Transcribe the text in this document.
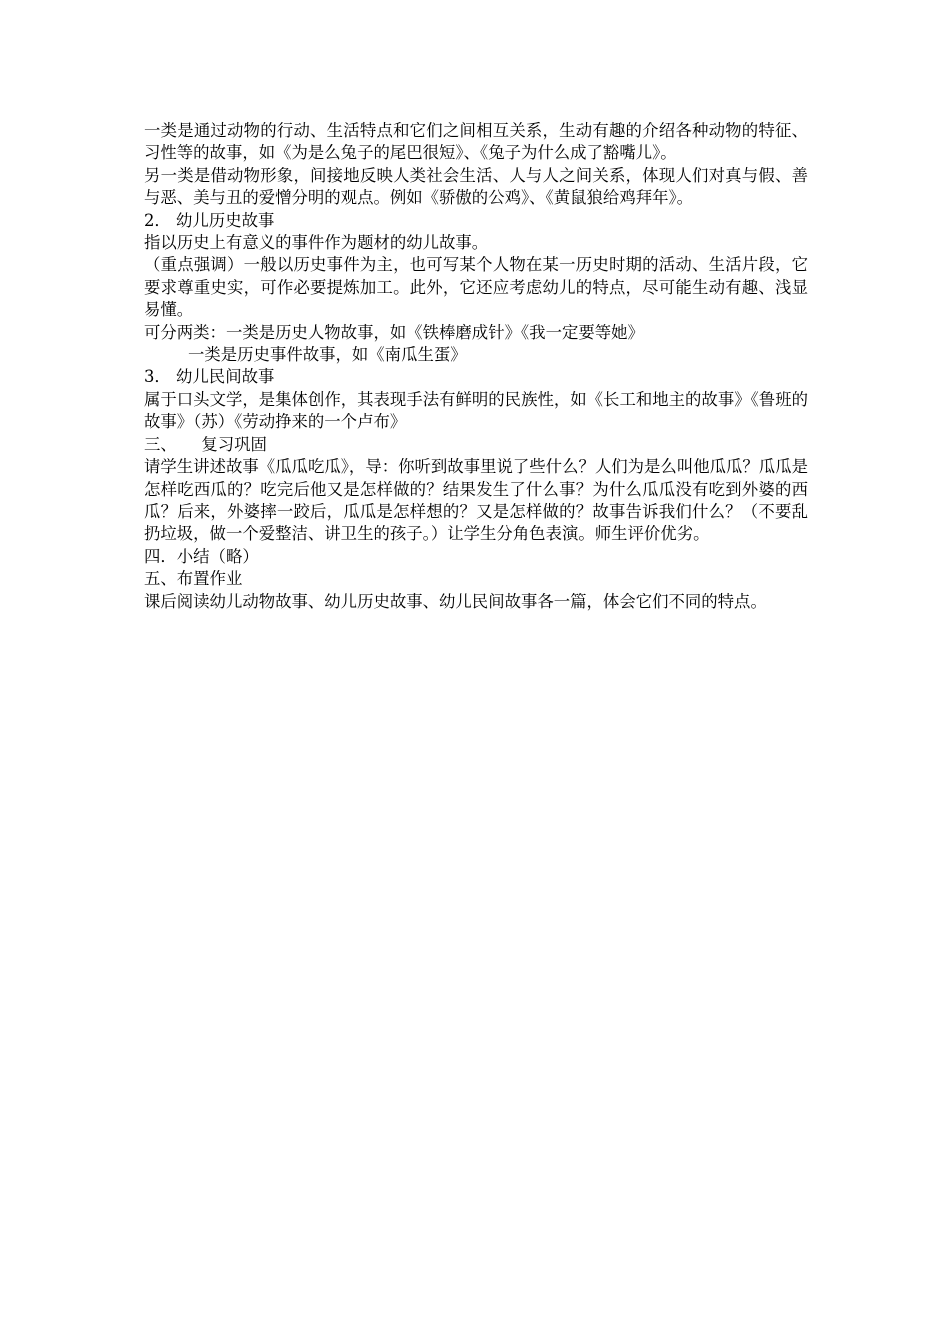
一类是通过动物的行动、生活特点和它们之间相互关系，生动有趣的介绍各种动物的特征、习性等的故事，如《为是么兔子的尾巴很短》、《兔子为什么成了豁嘴儿》。

另一类是借动物形象，间接地反映人类社会生活、人与人之间关系，体现人们对真与假、善与恶、美与丑的爱憎分明的观点。例如《骄傲的公鸡》、《黄鼠狼给鸡拜年》。

2． 幼儿历史故事

指以历史上有意义的事件作为题材的幼儿故事。

（重点强调）一般以历史事件为主，也可写某个人物在某一历史时期的活动、生活片段，它要求尊重史实，可作必要提炼加工。此外，它还应考虑幼儿的特点，尽可能生动有趣、浅显易懂。

可分两类：一类是历史人物故事，如《铁棒磨成针》《我一定要等她》

一类是历史事件故事，如《南瓜生蛋》

3． 幼儿民间故事

属于口头文学，是集体创作，其表现手法有鲜明的民族性，如《长工和地主的故事》《鲁班的故事》（苏）《劳动挣来的一个卢布》

三、　　复习巩固

请学生讲述故事《瓜瓜吃瓜》，导：你听到故事里说了些什么？人们为是么叫他瓜瓜？瓜瓜是怎样吃西瓜的？吃完后他又是怎样做的？结果发生了什么事？为什么瓜瓜没有吃到外婆的西瓜？后来，外婆摔一跤后，瓜瓜是怎样想的？又是怎样做的？故事告诉我们什么？（不要乱扔垃圾，做一个爱整洁、讲卫生的孩子。）让学生分角色表演。师生评价优劣。

四．小结（略）

五、布置作业

课后阅读幼儿动物故事、幼儿历史故事、幼儿民间故事各一篇，体会它们不同的特点。
